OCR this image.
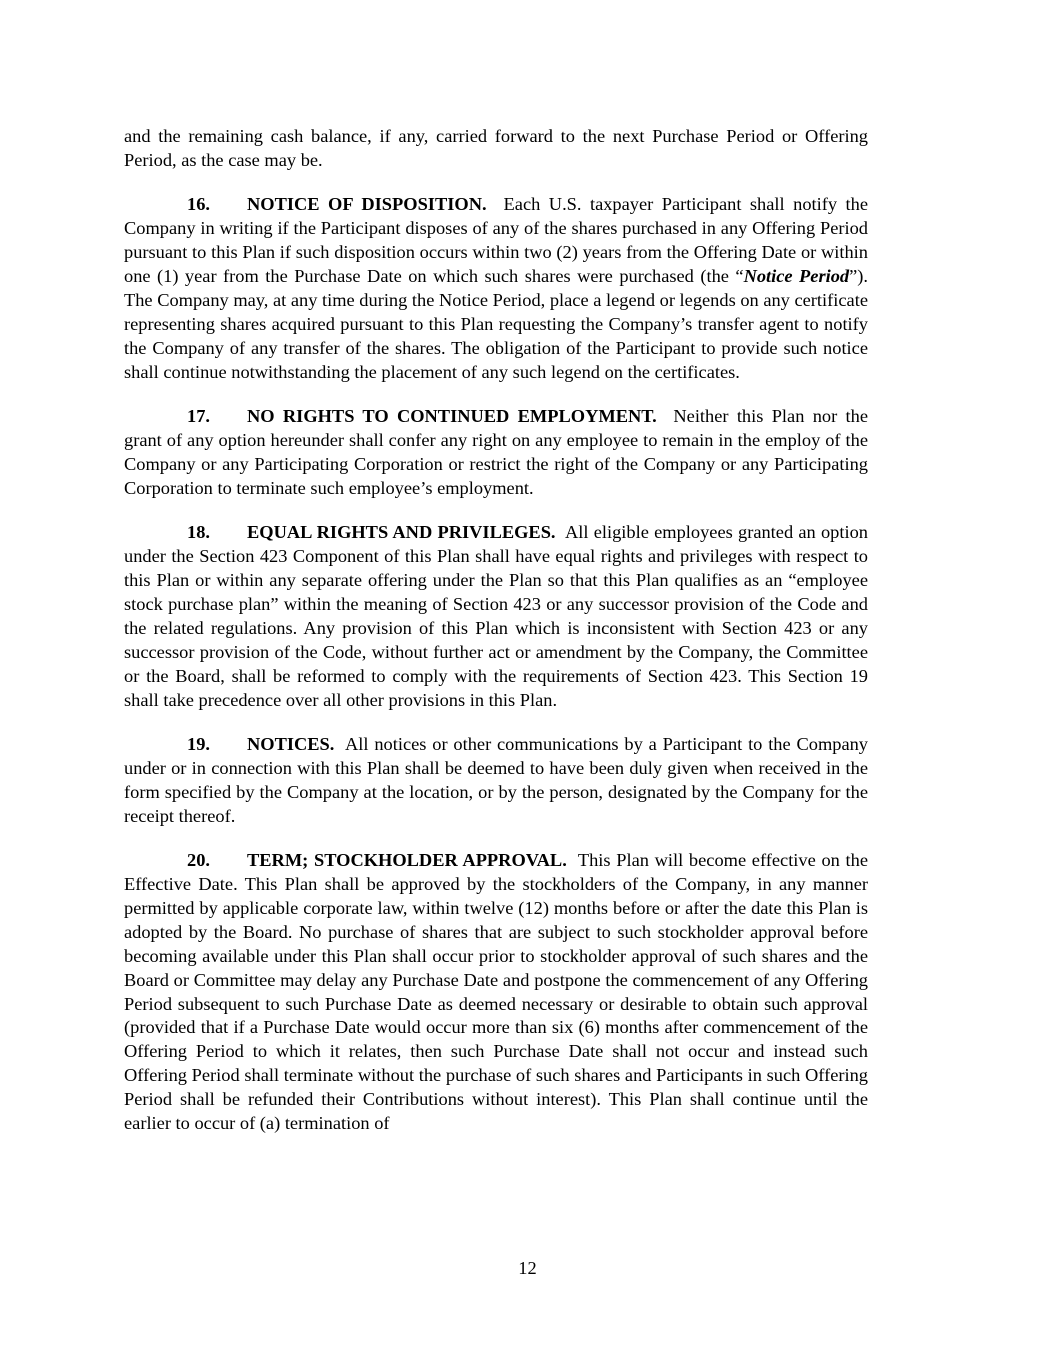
and the remaining cash balance, if any, carried forward to the next Purchase Period or Offering Period, as the case may be.

16. NOTICE OF DISPOSITION. Each U.S. taxpayer Participant shall notify the Company in writing if the Participant disposes of any of the shares purchased in any Offering Period pursuant to this Plan if such disposition occurs within two (2) years from the Offering Date or within one (1) year from the Purchase Date on which such shares were purchased (the “Notice Period”). The Company may, at any time during the Notice Period, place a legend or legends on any certificate representing shares acquired pursuant to this Plan requesting the Company’s transfer agent to notify the Company of any transfer of the shares. The obligation of the Participant to provide such notice shall continue notwithstanding the placement of any such legend on the certificates.

17. NO RIGHTS TO CONTINUED EMPLOYMENT. Neither this Plan nor the grant of any option hereunder shall confer any right on any employee to remain in the employ of the Company or any Participating Corporation or restrict the right of the Company or any Participating Corporation to terminate such employee’s employment.

18. EQUAL RIGHTS AND PRIVILEGES. All eligible employees granted an option under the Section 423 Component of this Plan shall have equal rights and privileges with respect to this Plan or within any separate offering under the Plan so that this Plan qualifies as an “employee stock purchase plan” within the meaning of Section 423 or any successor provision of the Code and the related regulations. Any provision of this Plan which is inconsistent with Section 423 or any successor provision of the Code, without further act or amendment by the Company, the Committee or the Board, shall be reformed to comply with the requirements of Section 423. This Section 19 shall take precedence over all other provisions in this Plan.

19. NOTICES. All notices or other communications by a Participant to the Company under or in connection with this Plan shall be deemed to have been duly given when received in the form specified by the Company at the location, or by the person, designated by the Company for the receipt thereof.

20. TERM; STOCKHOLDER APPROVAL. This Plan will become effective on the Effective Date. This Plan shall be approved by the stockholders of the Company, in any manner permitted by applicable corporate law, within twelve (12) months before or after the date this Plan is adopted by the Board. No purchase of shares that are subject to such stockholder approval before becoming available under this Plan shall occur prior to stockholder approval of such shares and the Board or Committee may delay any Purchase Date and postpone the commencement of any Offering Period subsequent to such Purchase Date as deemed necessary or desirable to obtain such approval (provided that if a Purchase Date would occur more than six (6) months after commencement of the Offering Period to which it relates, then such Purchase Date shall not occur and instead such Offering Period shall terminate without the purchase of such shares and Participants in such Offering Period shall be refunded their Contributions without interest). This Plan shall continue until the earlier to occur of (a) termination of

12
